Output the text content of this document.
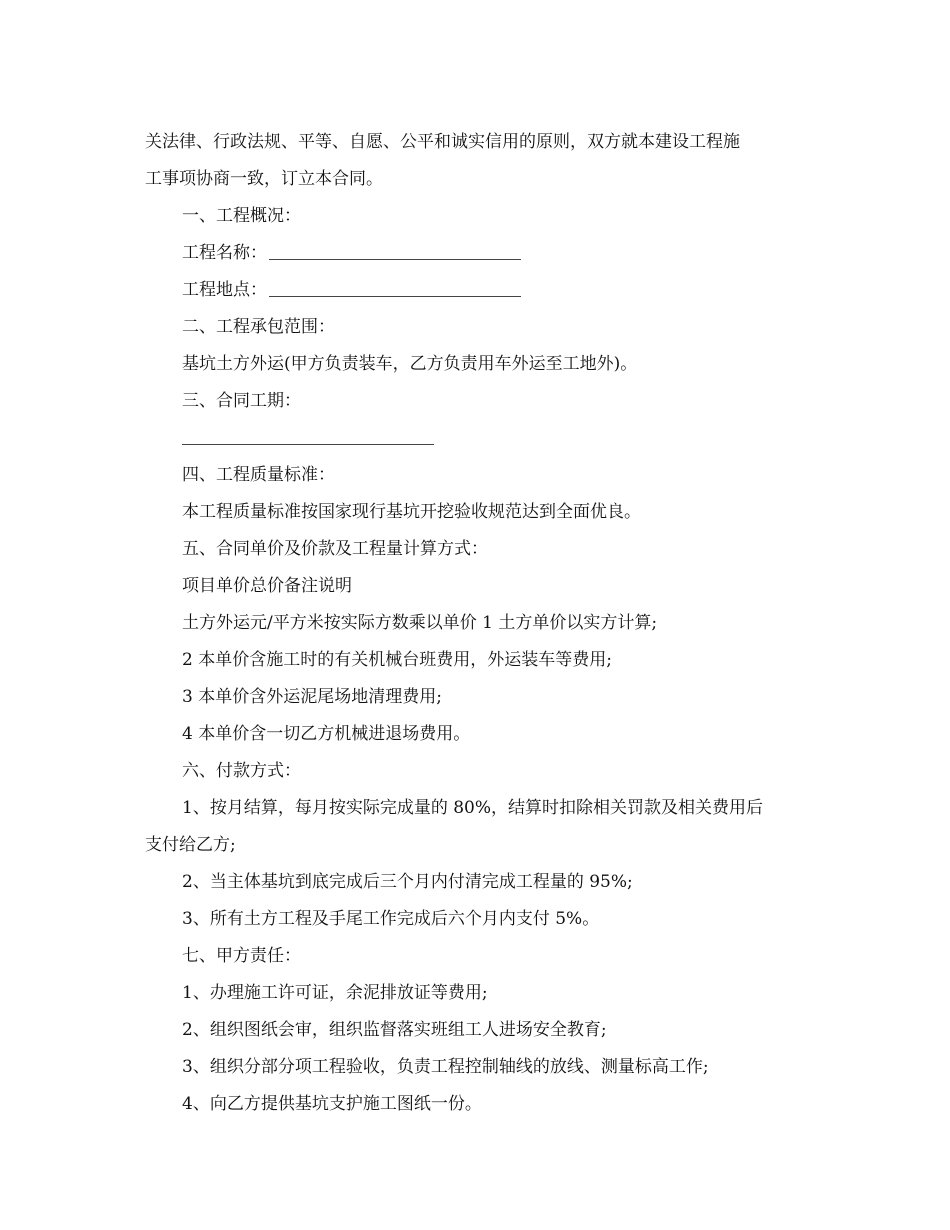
关法律、行政法规、平等、自愿、公平和诚实信用的原则，双方就本建设工程施
工事项协商一致，订立本合同。
一、工程概况：
工程名称：
工程地点：
二、工程承包范围：
基坑土方外运(甲方负责装车，乙方负责用车外运至工地外)。
三、合同工期：
四、工程质量标准：
本工程质量标准按国家现行基坑开挖验收规范达到全面优良。
五、合同单价及价款及工程量计算方式：
项目单价总价备注说明
土方外运元/平方米按实际方数乘以单价 1 土方单价以实方计算;
2 本单价含施工时的有关机械台班费用，外运装车等费用;
3 本单价含外运泥尾场地清理费用;
4 本单价含一切乙方机械进退场费用。
六、付款方式：
1、按月结算，每月按实际完成量的 80%，结算时扣除相关罚款及相关费用后
支付给乙方;
2、当主体基坑到底完成后三个月内付清完成工程量的 95%;
3、所有土方工程及手尾工作完成后六个月内支付 5%。
七、甲方责任：
1、办理施工许可证，余泥排放证等费用;
2、组织图纸会审，组织监督落实班组工人进场安全教育;
3、组织分部分项工程验收，负责工程控制轴线的放线、测量标高工作;
4、向乙方提供基坑支护施工图纸一份。
